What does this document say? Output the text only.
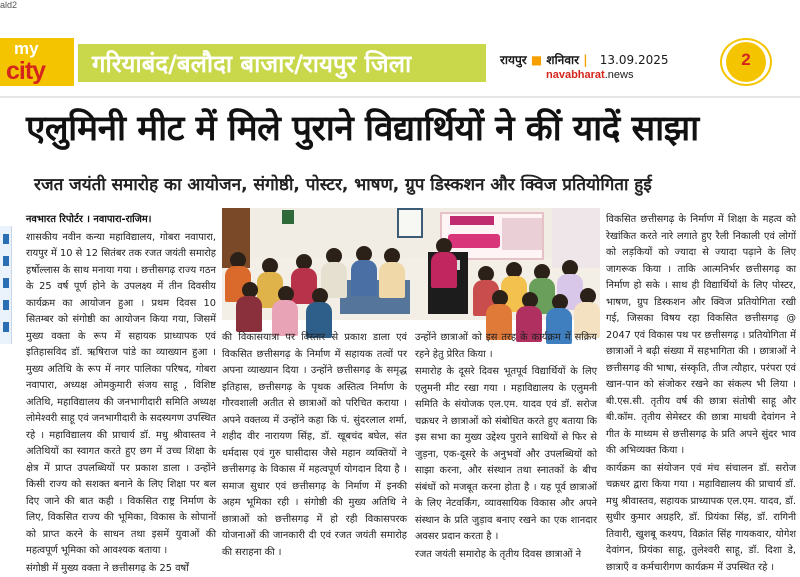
ald2
my
city गरियाबंद/बलौदा बाजार/रायपुर जिला	रायपुर ■ शनिवार | 13.09.2025
navabharat.news
2
एलुमिनी मीट में मिले पुराने विद्यार्थियों ने कीं यादें साझा
रजत जयंती समारोह का आयोजन, संगोष्ठी, पोस्टर, भाषण, ग्रुप डिस्कशन और क्विज प्रतियोगिता हुई

नवभारत रिपोर्टर । नवापारा-राजिम।

शासकीय नवीन कन्या महाविद्यालय, गोबरा नवापारा, रायपुर में 10 से 12 सितंबर तक रजत जयंती समारोह हर्षोल्लास के साथ मनाया गया । छत्तीसगढ़ राज्य गठन के 25 वर्ष पूर्ण होने के उपलक्ष्य में तीन दिवसीय कार्यक्रम का आयोजन हुआ । प्रथम दिवस 10 सितम्बर को संगोष्ठी का आयोजन किया गया, जिसमें मुख्य वक्ता के रूप में सहायक प्राध्यापक एवं इतिहासविद डॉ. ऋषिराज पांडे का व्याख्यान हुआ । मुख्य अतिथि के रूप में नगर पालिका परिषद, गोबरा नवापारा, अध्यक्ष ओमकुमारी संजय साहू , विशिष्ट अतिथि, महाविद्यालय की जनभागीदारी समिति अध्यक्ष लोमेश्वरी साहू एवं जनभागीदारी के सदस्यगण उपस्थित रहे । महाविद्यालय की प्राचार्य डॉ. मधु श्रीवास्तव ने अतिथियों का स्वागत करते हुए छग में उच्च शिक्षा के क्षेत्र में प्राप्त उपलब्धियों पर प्रकाश डाला । उन्होंने किसी राज्य को सशक्त बनाने के लिए शिक्षा पर बल दिए जाने की बात कही । विकसित राष्ट्र निर्माण के लिए, विकसित राज्य की भूमिका, विकास के सोपानों को प्राप्त करने के साधन तथा इसमें युवाओं की महत्वपूर्ण भूमिका को आवश्यक बताया ।

संगोष्ठी में मुख्य वक्ता ने छत्तीसगढ़ के 25 वर्षों

की विकासयात्रा पर विस्तार से प्रकाश डाला एवं विकसित छत्तीसगढ़ के निर्माण में सहायक तत्वों पर अपना व्याख्यान दिया । उन्होंने छत्तीसगढ़ के समृद्ध इतिहास, छत्तीसगढ़ के पृथक अस्तित्व निर्माण के गौरवशाली अतीत से छात्राओं को परिचित कराया । अपने वक्तव्य में उन्होंने कहा कि पं. सुंदरलाल शर्मा, शहीद वीर नारायण सिंह, डॉ. खूबचंद बघेल, संत धर्मदास एवं गुरु घासीदास जैसे महान व्यक्तियों ने छत्तीसगढ़ के विकास में महत्वपूर्ण योगदान दिया है । समाज सुधार एवं छत्तीसगढ़ के निर्माण में इनकी अहम भूमिका रही । संगोष्ठी की मुख्य अतिथि ने छात्राओं को छत्तीसगढ़ में हो रही विकासपरक योजनाओं की जानकारी दी एवं रजत जयंती समारोह की सराहना की ।

उन्होंने छात्राओं को इस तरह के कार्यक्रम में सक्रिय रहने हेतु प्रेरित किया ।

समारोह के दूसरे दिवस भूतपूर्व विद्यार्थियों के लिए एलुमनी मीट रखा गया । महाविद्यालय के एलुमनी समिति के संयोजक एल.एम. यादव एवं डॉ. सरोज चक्रधर ने छात्राओं को संबोधित करते हुए बताया कि इस सभा का मुख्य उद्देश्य पुराने साथियों से फिर से जुड़ना, एक-दूसरे के अनुभवों और उपलब्धियों को साझा करना, और संस्थान तथा स्नातकों के बीच संबंधों को मजबूत करना होता है । यह पूर्व छात्राओं के लिए नेटवर्किंग, व्यावसायिक विकास और अपने संस्थान के प्रति जुड़ाव बनाए रखने का एक शानदार अवसर प्रदान करता है ।

रजत जयंती समारोह के तृतीय दिवस छात्राओं ने

विकसित छत्तीसगढ़ के निर्माण में शिक्षा के महत्व को रेखांकित करते नारे लगाते हुए रैली निकाली एवं लोगों को लड़कियों को ज्यादा से ज्यादा पढ़ाने के लिए जागरूक किया । ताकि आत्मनिर्भर छत्तीसगढ़ का निर्माण हो सके । साथ ही विद्यार्थियों के लिए पोस्टर, भाषण, ग्रुप डिस्कशन और क्विज प्रतियोगिता रखी गई, जिसका विषय रहा विकसित छत्तीसगढ़ @ 2047 एवं विकास पथ पर छत्तीसगढ़ । प्रतियोगिता में छात्राओं ने बढ़ी संख्या में सहभागिता की । छात्राओं ने छत्तीसगढ़ की भाषा, संस्कृति, तीज त्यौहार, परंपरा एवं खान-पान को संजोकर रखने का संकल्प भी लिया । बी.एस.सी. तृतीय वर्ष की छात्रा संतोषी साहू और बी.कॉम. तृतीय सेमेस्टर की छात्रा माधवी देवांगन ने गीत के माध्यम से छत्तीसगढ़ के प्रति अपने सुंदर भाव की अभिव्यक्त किया ।

कार्यक्रम का संयोजन एवं मंच संचालन डॉ. सरोज चक्रधर द्वारा किया गया । महाविद्यालय की प्राचार्य डॉ. मधु श्रीवास्तव, सहायक प्राध्यापक एल.एम. यादव, डॉ. सुधीर कुमार अग्रहरि, डॉ. प्रियंका सिंह, डॉ. रागिनी तिवारी, खुशबू कश्यप, विक्रांत सिंह गायकवार, योगेश देवांगन, प्रियंका साहू, तुलेश्वरी साहू, डॉ. दिशा डे, छात्राएँ व कर्मचारीगण कार्यक्रम में उपस्थित रहे ।
